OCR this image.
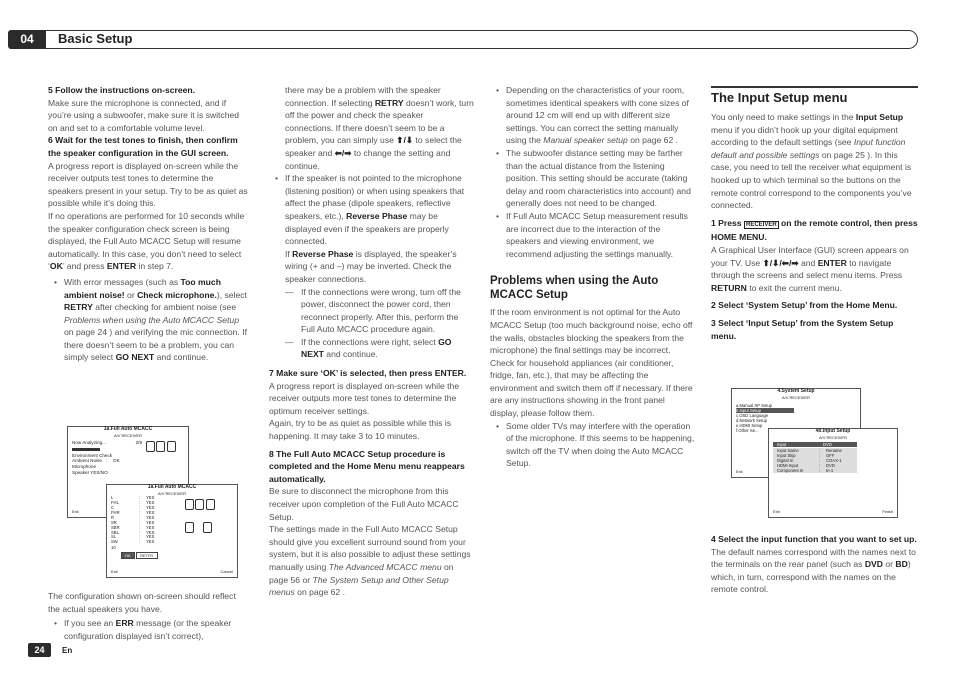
04	Basic Setup

5 Follow the instructions on-screen.

Make sure the microphone is connected, and if you’re using a subwoofer, make sure it is switched on and set to a comfortable volume level.

6 Wait for the test tones to finish, then confirm the speaker configuration in the GUI screen.

A progress report is displayed on-screen while the receiver outputs test tones to determine the speakers present in your setup. Try to be as quiet as possible while it’s doing this.

If no operations are performed for 10 seconds while the speaker configuration check screen is being displayed, the Full Auto MCACC Setup will resume automatically. In this case, you don’t need to select ‘OK’ and press ENTER in step 7.

• With error messages (such as Too much ambient noise! or Check microphone.), select RETRY after checking for ambient noise (see Problems when using the Auto MCACC Setup on page 24 ) and verifying the mic connection. If there doesn’t seem to be a problem, you can simply select GO NEXT and continue.

1a.Full Auto MCACC
A/V RECEIVER
Now Analyzing...	2/9
Environment Check
Ambient Noise :	OK
Microphone
Speaker YES/NO

Exit
1a.Full Auto MCACC
A/V RECEIVER
L	:	YES
FHL	:	YES
C	:	YES
FHR	:	YES
R	:	YES
SR	:	YES
SBR	:	YES
SBL	:	YES
SL	:	YES
SW	:	YES
10
OK RETRY

Exit	Cancel

The configuration shown on-screen should reflect the actual speakers you have.

• If you see an ERR message (or the speaker configuration displayed isn’t correct),

there may be a problem with the speaker connection. If selecting RETRY doesn’t work, turn off the power and check the speaker connections. If there doesn’t seem to be a problem, you can simply use ⬆/⬇ to select the speaker and ⬅/➡ to change the setting and continue.

• If the speaker is not pointed to the microphone (listening position) or when using speakers that affect the phase (dipole speakers, reflective speakers, etc.), Reverse Phase may be displayed even if the speakers are properly connected.

If Reverse Phase is displayed, the speaker’s wiring (+ and –) may be inverted. Check the speaker connections.

— If the connections were wrong, turn off the power, disconnect the power cord, then reconnect properly. After this, perform the Full Auto MCACC procedure again.

— If the connections were right, select GO NEXT and continue.

7 Make sure ‘OK’ is selected, then press ENTER.

A progress report is displayed on-screen while the receiver outputs more test tones to determine the optimum receiver settings.

Again, try to be as quiet as possible while this is happening. It may take 3 to 10 minutes.

8 The Full Auto MCACC Setup procedure is completed and the Home Menu menu reappears automatically.

Be sure to disconnect the microphone from this receiver upon completion of the Full Auto MCACC Setup.

The settings made in the Full Auto MCACC Setup should give you excellent surround sound from your system, but it is also possible to adjust these settings manually using The Advanced MCACC menu on page 56 or The System Setup and Other Setup menus on page 62 .

• Depending on the characteristics of your room, sometimes identical speakers with cone sizes of around 12 cm will end up with different size settings. You can correct the setting manually using the Manual speaker setup on page 62 .

• The subwoofer distance setting may be farther than the actual distance from the listening position. This setting should be accurate (taking delay and room characteristics into account) and generally does not need to be changed.

• If Full Auto MCACC Setup measurement results are incorrect due to the interaction of the speakers and viewing environment, we recommend adjusting the settings manually.

Problems when using the Auto MCACC Setup

If the room environment is not optimal for the Auto MCACC Setup (too much background noise, echo off the walls, obstacles blocking the speakers from the microphone) the final settings may be incorrect. Check for household appliances (air conditioner, fridge, fan, etc.), that may be affecting the environment and switch them off if necessary. If there are any instructions showing in the front panel display, please follow them.

• Some older TVs may interfere with the operation of the microphone. If this seems to be happening, switch off the TV when doing the Auto MCACC Setup.

The Input Setup menu

You only need to make settings in the Input Setup menu if you didn’t hook up your digital equipment according to the default settings (see Input function default and possible settings on page 25 ). In this case, you need to tell the receiver what equipment is hooked up to which terminal so the buttons on the remote control correspond to the components you’ve connected.

1 Press RECEIVER on the remote control, then press HOME MENU.

A Graphical User Interface (GUI) screen appears on your TV. Use ⬆/⬇/⬅/➡ and ENTER to navigate through the screens and select menu items. Press RETURN to exit the current menu.

2 Select ‘System Setup’ from the Home Menu.

3 Select ‘Input Setup’ from the System Setup menu.

4.System Setup
A/V RECEIVER
a.Manual SP Setup
b.Input Setup
c.OSD Language
d.Network Setup
e.HDMI Setup
f.Other Se...
Exit
4b.Input Setup
A/V RECEIVER
Input	DVD
Input Name	:	Rename
Input Skip	:	OFF
Digital In	:	COAX-1
HDMI Input	:	DVD
Component In	:	In-1
Exit	Finish

4 Select the input function that you want to set up.

The default names correspond with the names next to the terminals on the rear panel (such as DVD or BD) which, in turn, correspond with the names on the remote control.

24	En
